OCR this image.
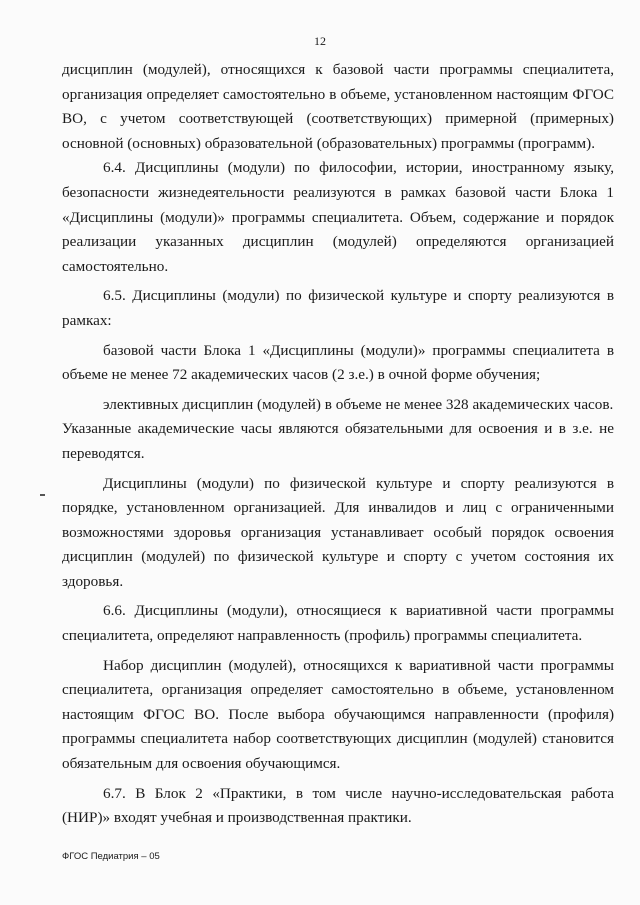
12

дисциплин (модулей), относящихся к базовой части программы специалитета, организация определяет самостоятельно в объеме, установленном настоящим ФГОС ВО, с учетом соответствующей (соответствующих) примерной (примерных) основной (основных) образовательной (образовательных) программы (программ).

6.4. Дисциплины (модули) по философии, истории, иностранному языку, безопасности жизнедеятельности реализуются в рамках базовой части Блока 1 «Дисциплины (модули)» программы специалитета. Объем, содержание и порядок реализации указанных дисциплин (модулей) определяются организацией самостоятельно.

6.5. Дисциплины (модули) по физической культуре и спорту реализуются в рамках:

базовой части Блока 1 «Дисциплины (модули)» программы специалитета в объеме не менее 72 академических часов (2 з.е.) в очной форме обучения;

элективных дисциплин (модулей) в объеме не менее 328 академических часов.

Указанные академические часы являются обязательными для освоения и в з.е. не переводятся.

Дисциплины (модули) по физической культуре и спорту реализуются в порядке, установленном организацией. Для инвалидов и лиц с ограниченными возможностями здоровья организация устанавливает особый порядок освоения дисциплин (модулей) по физической культуре и спорту с учетом состояния их здоровья.

6.6. Дисциплины (модули), относящиеся к вариативной части программы специалитета, определяют направленность (профиль) программы специалитета.

Набор дисциплин (модулей), относящихся к вариативной части программы специалитета, организация определяет самостоятельно в объеме, установленном настоящим ФГОС ВО. После выбора обучающимся направленности (профиля) программы специалитета набор соответствующих дисциплин (модулей) становится обязательным для освоения обучающимся.

6.7. В Блок 2 «Практики, в том числе научно-исследовательская работа (НИР)» входят учебная и производственная практики.

ФГОС Педиатрия – 05
